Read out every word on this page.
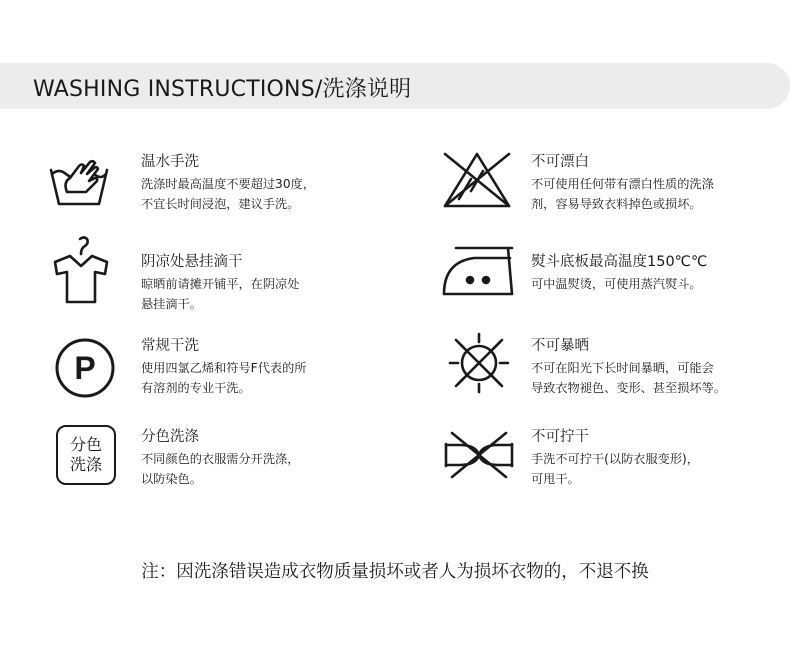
WASHING INSTRUCTIONS/洗涤说明
温水手洗
洗涤时最高温度不要超过30度，
不宜长时间浸泡，建议手洗。
不可漂白
不可使用任何带有漂白性质的洗涤
剂，容易导致衣料掉色或损坏。
阴凉处悬挂滴干
晾晒前请摊开铺平，在阴凉处
悬挂滴干。
熨斗底板最高温度150℃℃
可中温熨烫，可使用蒸汽熨斗。
P
常规干洗
使用四氯乙烯和符号F代表的所
有溶剂的专业干洗。
不可暴晒
不可在阳光下长时间暴晒，可能会
导致衣物褪色、变形、甚至损坏等。
分色
洗涤
分色洗涤
不同颜色的衣服需分开洗涤，
以防染色。
不可拧干
手洗不可拧干(以防衣服变形)，
可甩干。
注：因洗涤错误造成衣物质量损坏或者人为损坏衣物的，不退不换
